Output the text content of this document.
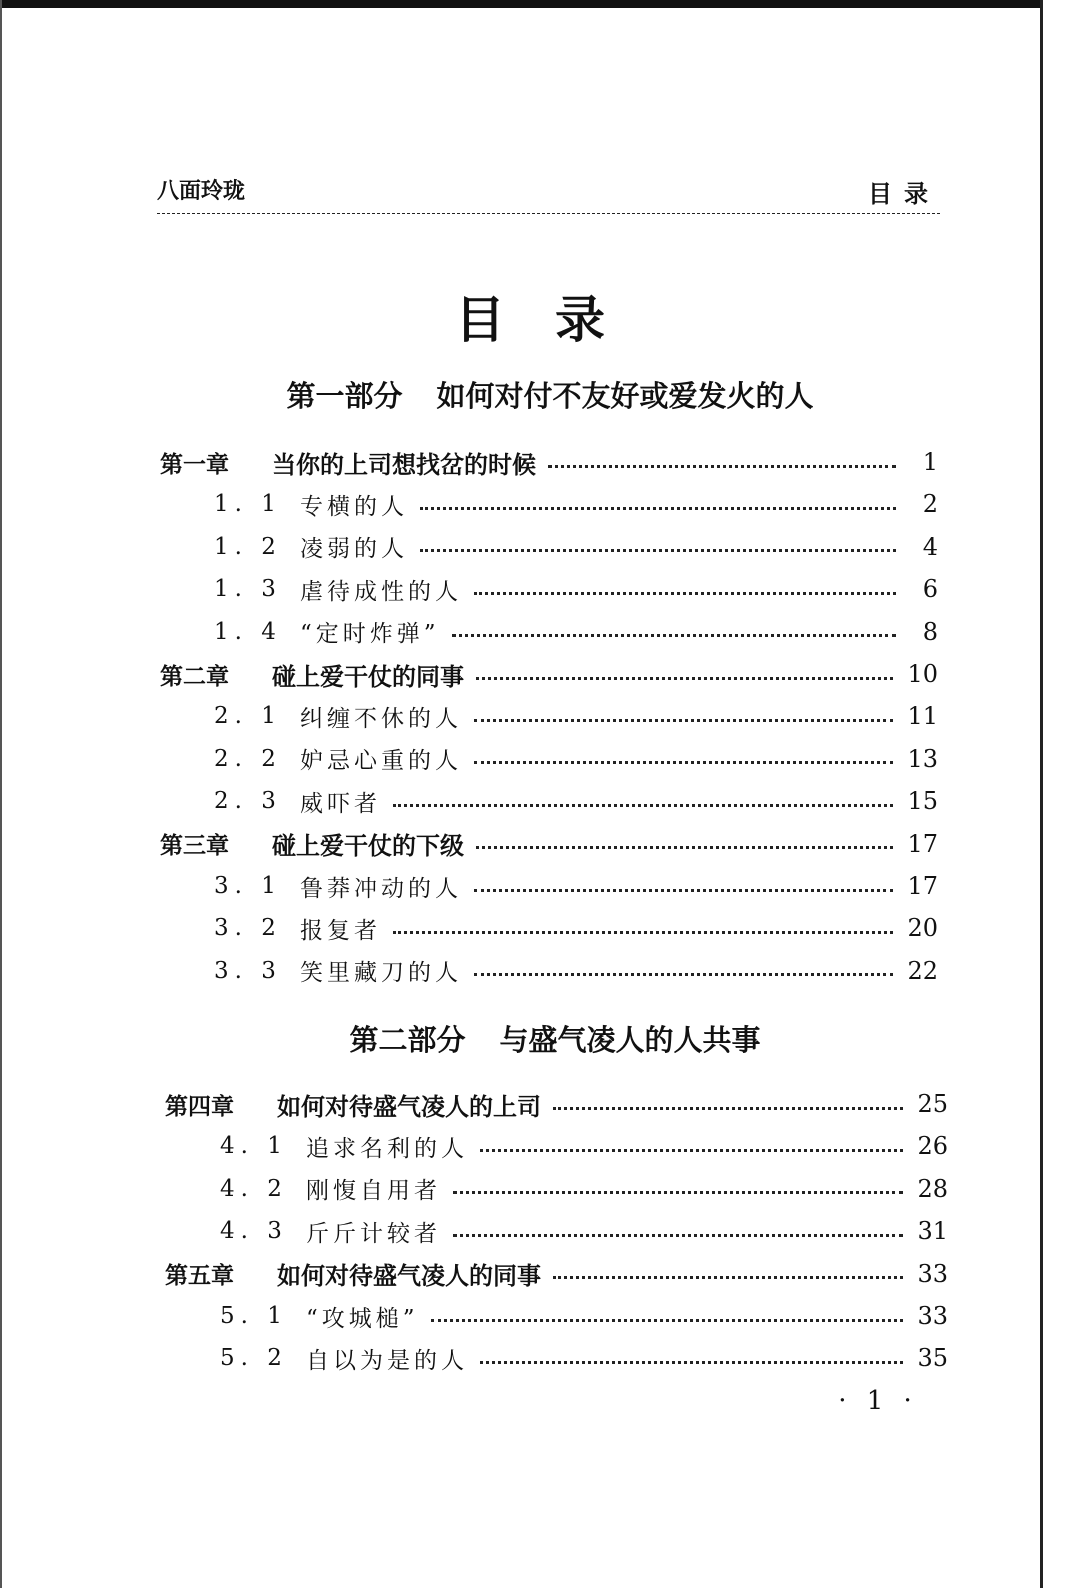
八面玲珑	目录
目录
第一部分 如何对付不友好或爱发火的人
第二部分 与盛气凌人的人共事
第一章	当你的上司想找岔的时候	1
1. 1 专横的人	2
1. 2 凌弱的人	4
1. 3 虐待成性的人	6
1. 4 “定时炸弹”	8
第二章	碰上爱干仗的同事	10
2. 1 纠缠不休的人	11
2. 2 妒忌心重的人	13
2. 3 威吓者	15
第三章	碰上爱干仗的下级	17
3. 1 鲁莽冲动的人	17
3. 2 报复者	20
3. 3 笑里藏刀的人	22
第四章	如何对待盛气凌人的上司	25
4. 1 追求名利的人	26
4. 2 刚愎自用者	28
4. 3 斤斤计较者	31
第五章	如何对待盛气凌人的同事	33
5. 1 “攻城槌”	33
5. 2 自以为是的人	35
· 1 ·
